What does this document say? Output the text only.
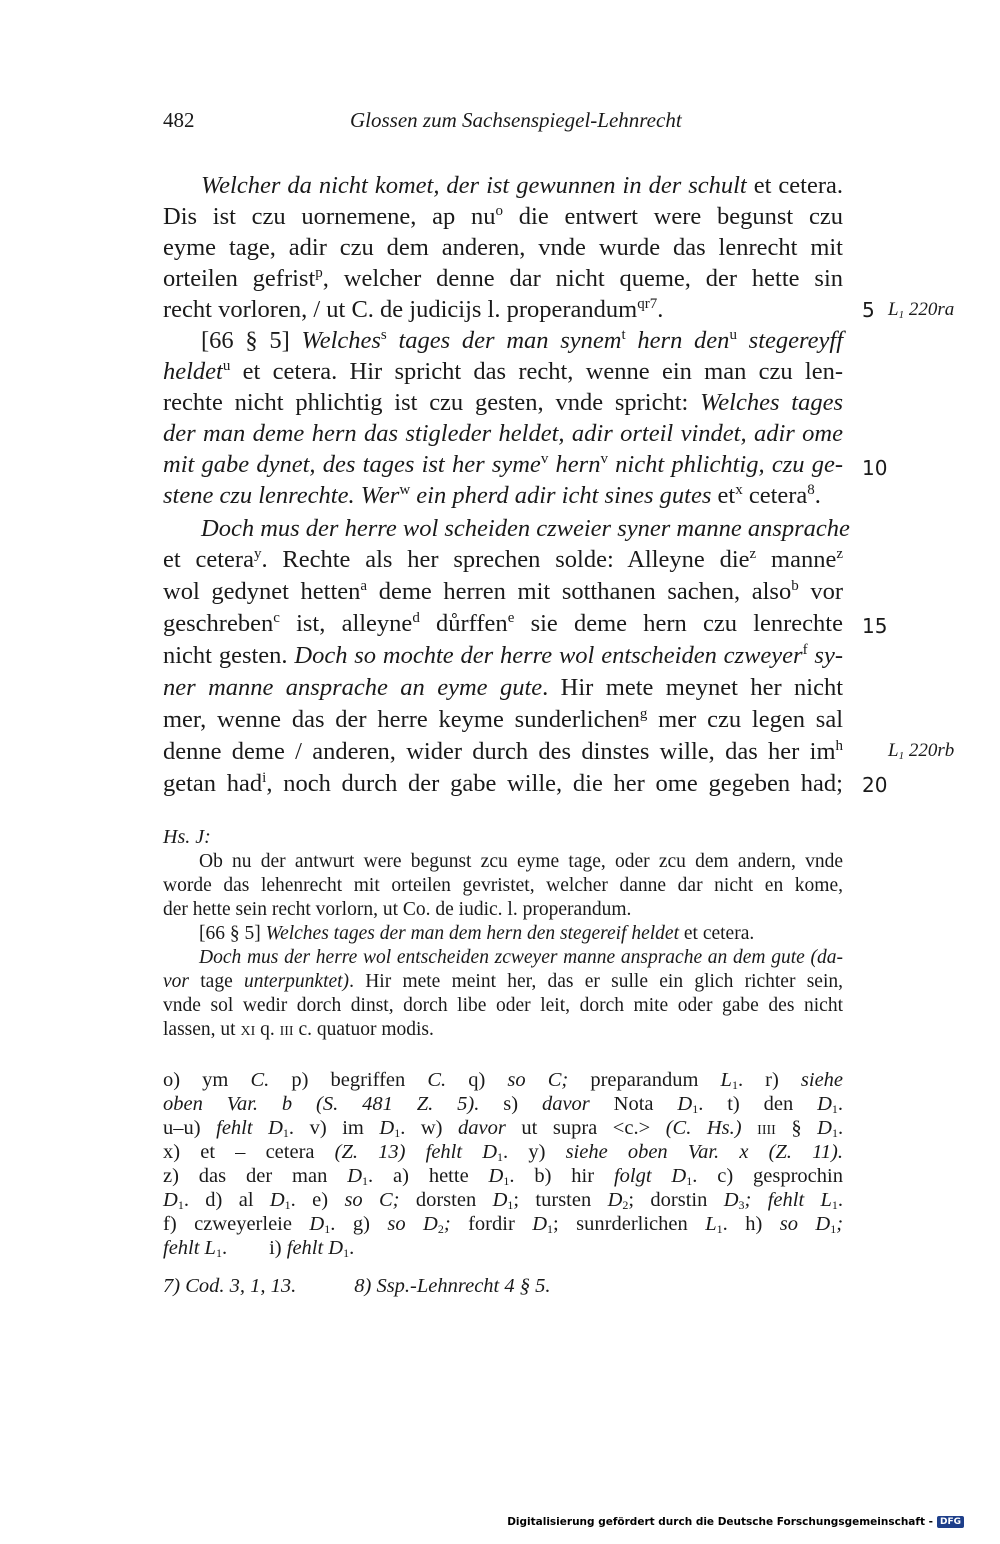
482	Glossen zum Sachsenspiegel-Lehnrecht
Welcher da nicht komet, der ist gewunnen in der schult et cetera.
Dis ist czu uornemene, ap $nu^o$ die entwert were begunst czu
eyme tage, adir czu dem anderen, vnde wurde das lenrecht mit
orteilen gefrist$^p$, welcher denne dar nicht queme, der hette sin
recht vorloren, / ut C. de judicijs l. properandum$^{qr7}$.
[66 § 5] Welches$^s$ tages der man synem$^t$ hern den$^u$ stegereyff
heldet$^u$ et cetera. Hir spricht das recht, wenne ein man czu len-
rechte nicht phlichtig ist czu gesten, vnde spricht: Welches tages
der man deme hern das stigleder heldet, adir orteil vindet, adir ome
mit gabe dynet, des tages ist her syme$^v$ hern$^v$ nicht phlichtig, czu ge-
stene czu lenrechte. Wer$^w$ ein pherd adir icht sines gutes $et^x$ cetera$^8$.
Doch mus der herre wol scheiden czweier syner manne ansprache
et cetera$^y$. Rechte als her sprechen solde: Alleyne die$^z$ manne$^z$
wol gedynet hetten$^a$ deme herren mit sotthanen sachen, also$^b$ vor
geschreben$^c$ ist, alleyne$^d$ důrffen$^e$ sie deme hern czu lenrechte
nicht gesten. Doch so mochte der herre wol entscheiden czweyer$^f$ sy-
ner manne ansprache an eyme gute. Hir mete meynet her nicht
mer, wenne das der herre keyme sunderlichen$^g$ mer czu legen sal
denne deme / anderen, wider durch des dinstes wille, das her $im^h$
getan had$^i$, noch durch der gabe wille, die her ome gegeben had;
5 $L_1$ 220ra
10
15
$L_1$ 220rb
20
Hs. J:
Ob nu der antwurt were begunst zcu eyme tage, oder zcu dem andern, vnde
worde das lehenrecht mit orteilen gevristet, welcher danne dar nicht en kome,
der hette sein recht vorlorn, ut Co. de iudic. l. properandum.
[66 § 5] Welches tages der man dem hern den stegereif heldet et cetera.
Doch mus der herre wol entscheiden zcweyer manne ansprache an dem gute (da-
vor tage unterpunktet). Hir mete meint her, das er sulle ein glich richter sein,
vnde sol wedir dorch dinst, dorch libe oder leit, dorch mite oder gabe des nicht
lassen, ut xi q. iii c. quatuor modis.
o) ym C. p) begriffen C. q) so C; preparandum $L_1$. r) siehe
oben Var. b (S. 481 Z. 5). s) davor Nota $D_1$. t) den $D_1$.
u–u) fehlt $D_1$. v) im $D_1$. w) davor ut supra <c.> (C. Hs.) iiii § $D_1$.
x) et – cetera (Z. 13) fehlt $D_1$. y) siehe oben Var. x (Z. 11).
z) das der man $D_1$. a) hette $D_1$. b) hir folgt $D_1$. c) gesprochin
$D_1$. d) al $D_1$. e) so C; dorsten $D_1$; tursten $D_2$; dorstin $D_3$; fehlt $L_1$.
f) czweyerleie $D_1$. g) so $D_2$; fordir $D_1$; sunrderlichen $L_1$. h) so $D_1$;
fehlt $L_1$. i) fehlt $D_1$.
7) Cod. 3, 1, 13.	8) Ssp.-Lehnrecht 4 § 5.
Digitalisierung gefördert durch die Deutsche Forschungsgemeinschaft - DFG
